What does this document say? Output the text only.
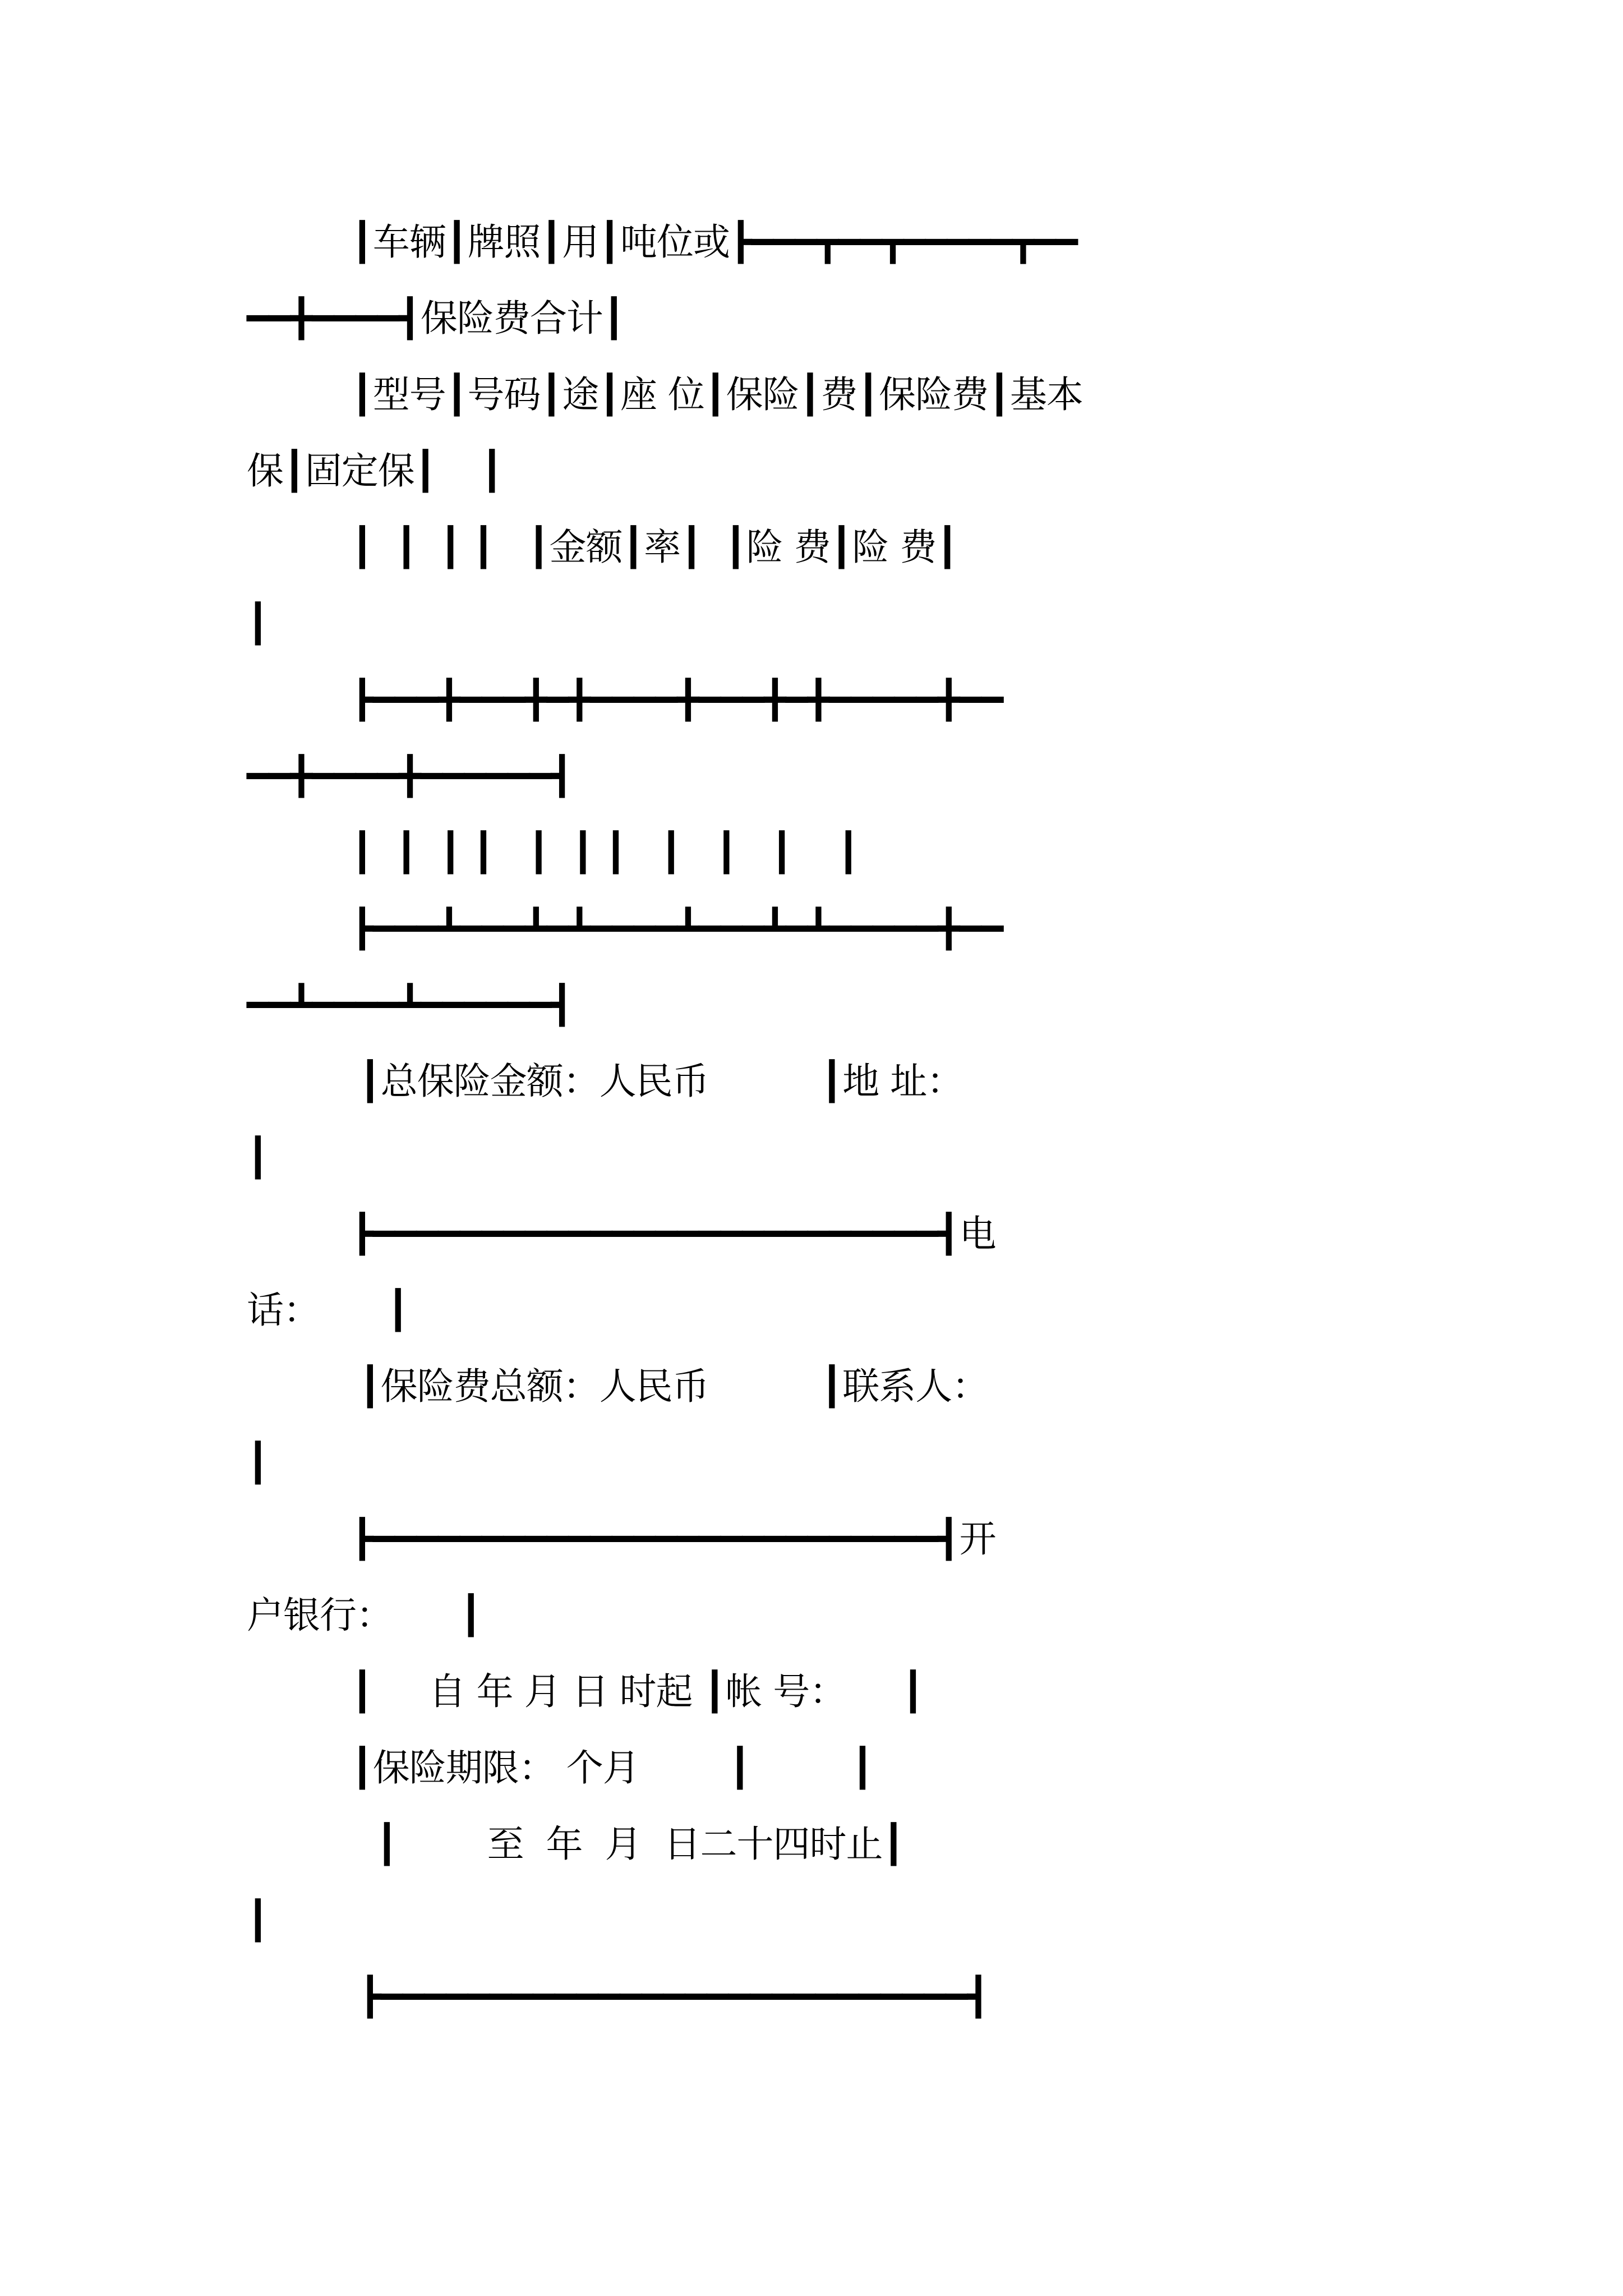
┃车辆┃牌照┃用┃吨位或┣━━━┳━━┳━━━━━┳━━
━━╋━━━━┫保险费合计┃
┃型号┃号码┃途┃座 位┃保险┃费┃保险费┃基本
保┃固定保┃    ┃
┃  ┃  ┃ ┃   ┃金额┃率┃  ┃险 费┃险 费┃
┃
┣━━━╋━━━╋━╋━━━━╋━━━╋━╋━━━━━╋━━
━━╋━━━━╋━━━━━━┫
┃  ┃  ┃ ┃   ┃  ┃ ┃   ┃   ┃   ┃    ┃
┣━━━┻━━━┻━┻━━━━┻━━━┻━┻━━━━━╋━━
━━┻━━━━┻━━━━━━┫
┃总保险金额：人民币          ┃地 址：
┃
┣━━━━━━━━━━━━━━━━━━━━━━━━━━┫电
话：      ┃
┃保险费总额：人民币          ┃联系人：
┃
┣━━━━━━━━━━━━━━━━━━━━━━━━━━┫开
户银行：      ┃
┃     自 年 月 日 时起 ┃帐 号：     ┃
┃保险期限： 个月        ┃         ┃
┃        至  年  月  日二十四时止┃
┃
┣━━━━━━━━━━━━━━━━━━━━━━━━━━━┫
